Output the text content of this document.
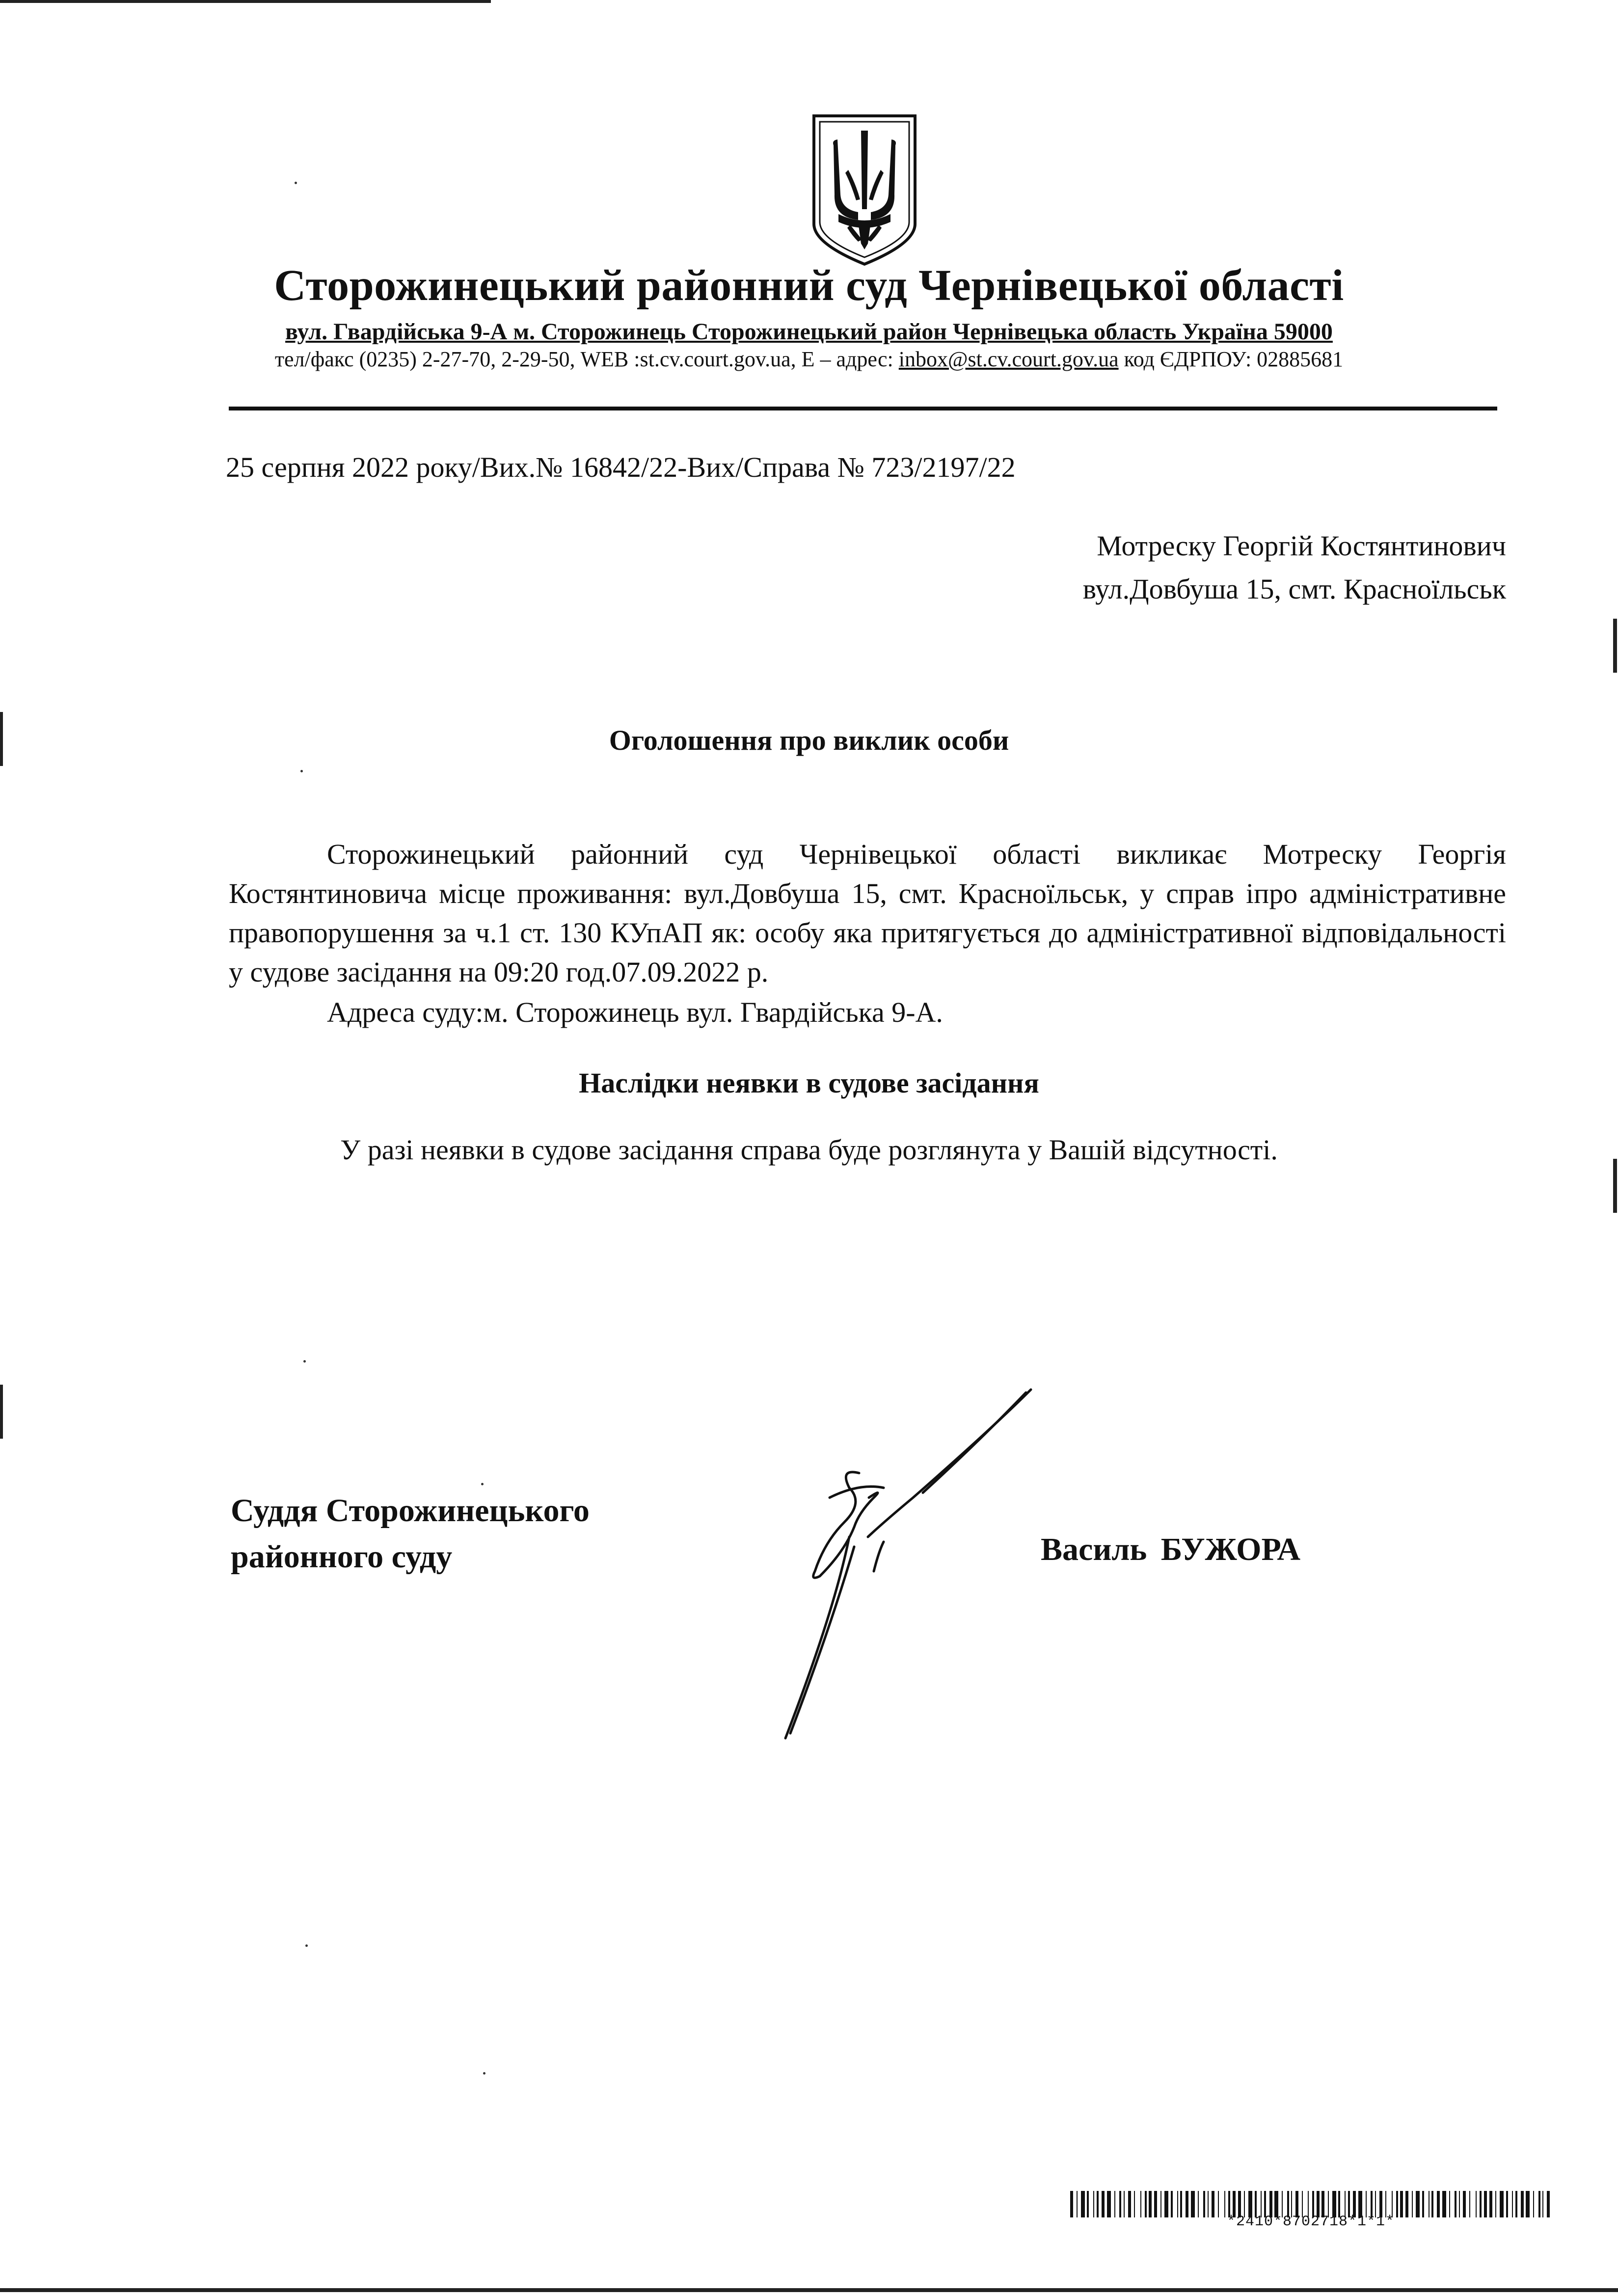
Сторожинецький районний суд Чернівецької області
вул. Гвардійська 9-А м. Сторожинець Сторожинецький район Чернівецька область Україна 59000
тел/факс (0235) 2-27-70, 2-29-50, WEB :st.cv.court.gov.ua, Е – адрес: inbox@st.cv.court.gov.ua код ЄДРПОУ: 02885681
25 серпня 2022 року/Вих.№ 16842/22-Вих/Справа № 723/2197/22
Мотреску Георгій Костянтинович
вул.Довбуша 15, смт. Красноїльськ
Оголошення про виклик особи
Сторожинецький районний суд Чернівецької області викликає Мотреску Георгія Костянтиновича місце проживання: вул.Довбуша 15, смт. Красноїльськ, у справ іпро адміністративне правопорушення за ч.1 ст. 130 КУпАП як: особу яка притягується до адміністративної відповідальності у судове засідання на 09:20 год.07.09.2022 р.
Адреса суду:м. Сторожинець вул. Гвардійська 9-А.
Наслідки неявки в судове засідання
У разі неявки в судове засідання справа буде розглянута у Вашій відсутності.
Суддя Сторожинецького
районного суду	Василь БУЖОРА
*2410*8702718*1*1*
